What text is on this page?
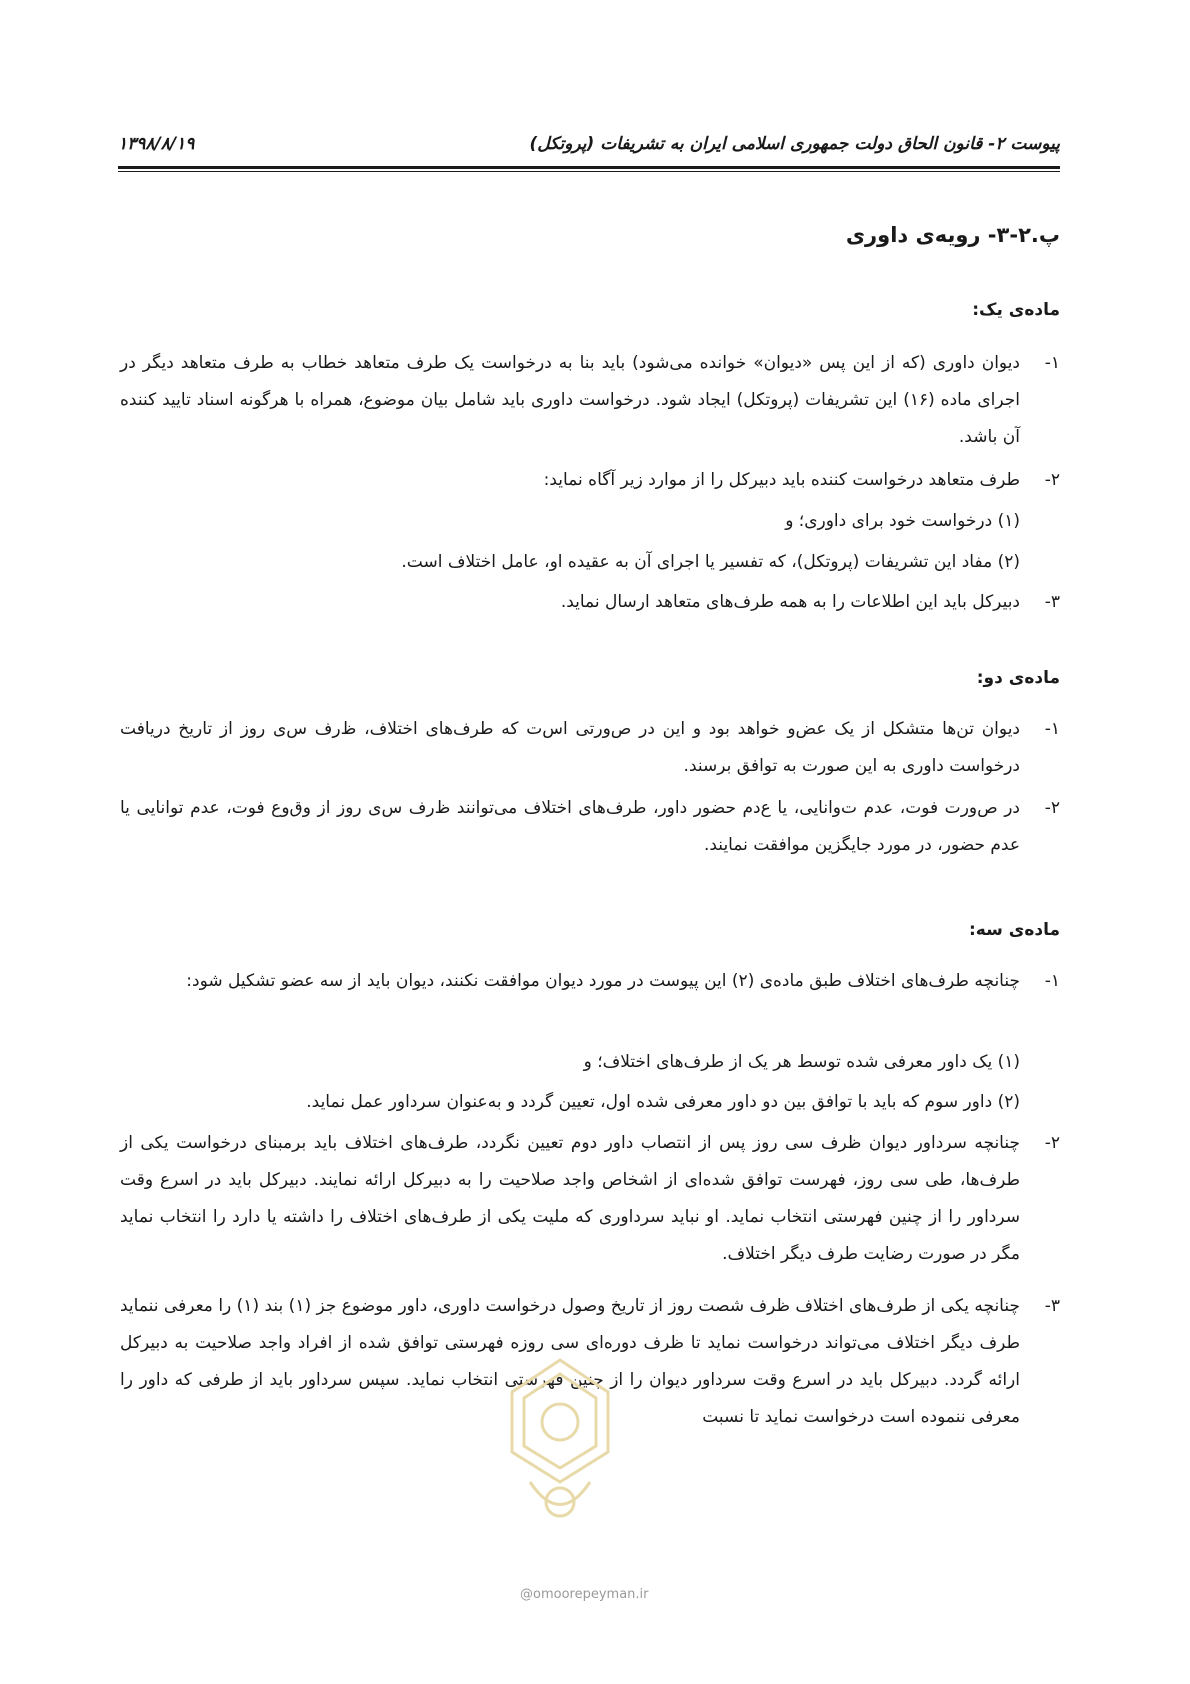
پیوست ۲- قانون الحاق دولت جمهوری اسلامی ایران به تشریفات (پروتکل)
۱۳۹۸/۸/۱۹
پ.۲-۳- رویه‌ی داوری
ماده‌ی یک:
۱-
دیوان داوری (که از این پس «دیوان» خوانده می‌شود) باید بنا به درخواست یک طرف متعاهد خطاب به طرف متعاهد دیگر در اجرای ماده (۱۶) این تشریفات (پروتکل) ایجاد شود. درخواست داوری باید شامل بیان موضوع، همراه با هرگونه اسناد تایید کننده آن باشد.
۲-
طرف متعاهد درخواست کننده باید دبیرکل را از موارد زیر آگاه نماید:
(۱) درخواست خود برای داوری؛ و
(۲) مفاد این تشریفات (پروتکل)، که تفسیر یا اجرای آن به عقیده او، عامل اختلاف است.
۳-
دبیرکل باید این اطلاعات را به همه طرف‌های متعاهد ارسال نماید.
ماده‌ی دو:
۱-
دیوان تن‌ها متشکل از یک عض‌و خواهد بود و این در ص‌ورتی اس‌ت که طرف‌های اختلاف، ظ‌رف س‌ی روز از تاریخ دریافت درخواست داوری به این صورت به توافق برسند.
۲-
در ص‌ورت فوت، عدم ت‌وانایی، یا ع‌دم حضور داور، طرف‌های اختلاف می‌توانند ظ‌رف س‌ی روز از وق‌وع فوت، عدم توانایی یا عدم حضور، در مورد جایگزین موافقت نمایند.
ماده‌ی سه:
۱-
چنانچه طرف‌های اختلاف طبق ماده‌ی (۲) این پیوست در مورد دیوان موافقت نکنند، دیوان باید از سه عضو تشکیل شود:
(۱) یک داور معرفی شده توسط هر یک از طرف‌های اختلاف؛ و
(۲) داور سوم که باید با توافق بین دو داور معرفی شده اول، تعیین گردد و به‌عنوان سرداور عمل نماید.
۲-
چنانچه سرداور دیوان ظرف سی روز پس از انتصاب داور دوم تعیین نگردد، طرف‌های اختلاف باید برمبنای درخواست یکی از طرف‌ها، طی سی روز، فهرست توافق شده‌ای از اشخاص واجد صلاحیت را به دبیرکل ارائه نمایند. دبیرکل باید در اسرع وقت سرداور را از چنین فهرستی انتخاب نماید. او نباید سرداوری که ملیت یکی از طرف‌های اختلاف را داشته یا دارد را انتخاب نماید مگر در صورت رضایت طرف دیگر اختلاف.
۳-
چنانچه یکی از طرف‌های اختلاف ظرف شصت روز از تاریخ وصول درخواست داوری، داور موضوع جز (۱) بند (۱) را معرفی ننماید طرف دیگر اختلاف می‌تواند درخواست نماید تا ظرف دوره‌ای سی روزه فهرستی توافق شده از افراد واجد صلاحیت به دبیرکل ارائه گردد. دبیرکل باید در اسرع وقت سرداور دیوان را از چنین فهرستی انتخاب نماید. سپس سرداور باید از طرفی که داور را معرفی ننموده است درخواست نماید تا نسبت
@omoorepeyman.ir
